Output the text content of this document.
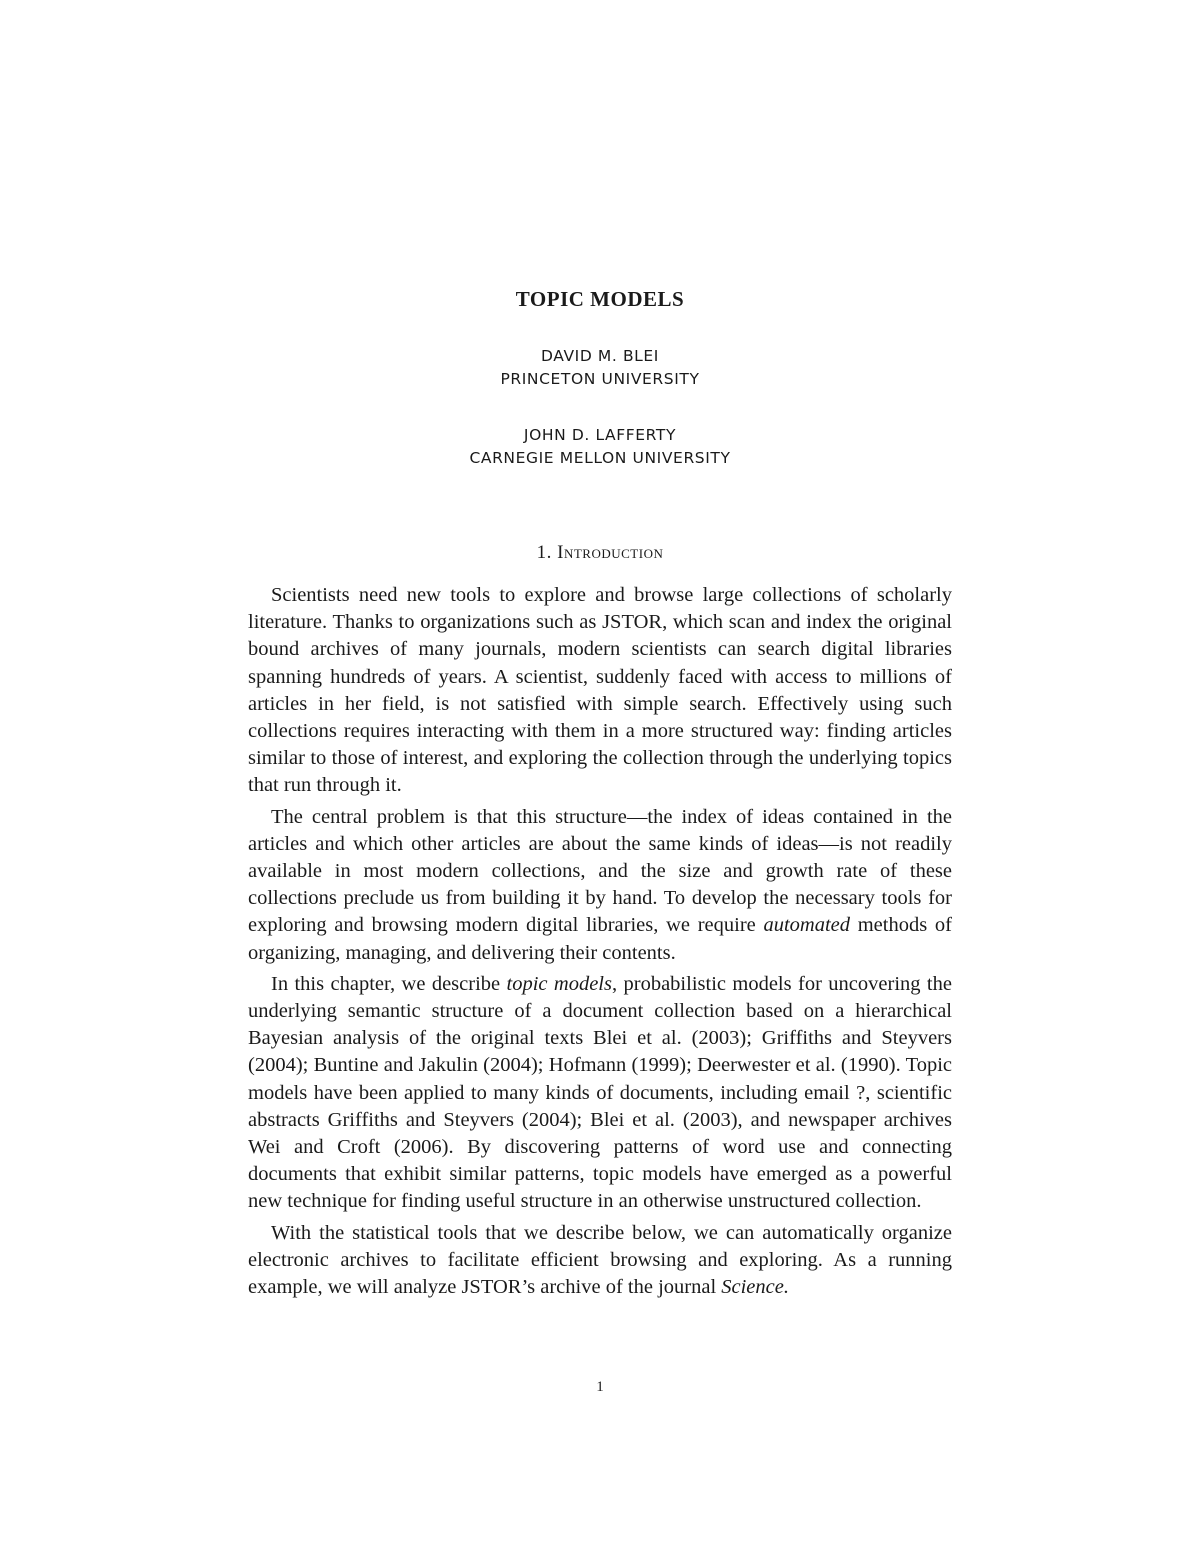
TOPIC MODELS
DAVID M. BLEI
PRINCETON UNIVERSITY
JOHN D. LAFFERTY
CARNEGIE MELLON UNIVERSITY
1. Introduction

Scientists need new tools to explore and browse large collections of scholarly literature. Thanks to organizations such as JSTOR, which scan and index the original bound archives of many journals, modern scientists can search digital libraries spanning hundreds of years. A scientist, suddenly faced with access to millions of articles in her field, is not satisfied with simple search. Effectively using such collections requires interacting with them in a more structured way: finding articles similar to those of interest, and exploring the collection through the underlying topics that run through it.

The central problem is that this structure—the index of ideas contained in the articles and which other articles are about the same kinds of ideas—is not readily available in most modern collections, and the size and growth rate of these collections preclude us from building it by hand. To develop the necessary tools for exploring and browsing modern digital libraries, we require automated methods of organizing, managing, and delivering their contents.

In this chapter, we describe topic models, probabilistic models for uncovering the underlying semantic structure of a document collection based on a hierarchical Bayesian analysis of the original texts Blei et al. (2003); Griffiths and Steyvers (2004); Buntine and Jakulin (2004); Hofmann (1999); Deerwester et al. (1990). Topic models have been applied to many kinds of documents, including email ?, scientific abstracts Griffiths and Steyvers (2004); Blei et al. (2003), and newspaper archives Wei and Croft (2006). By discovering patterns of word use and connecting documents that exhibit similar patterns, topic models have emerged as a powerful new technique for finding useful structure in an otherwise unstructured collection.

With the statistical tools that we describe below, we can automatically organize electronic archives to facilitate efficient browsing and exploring. As a running example, we will analyze JSTOR’s archive of the journal Science.

1
